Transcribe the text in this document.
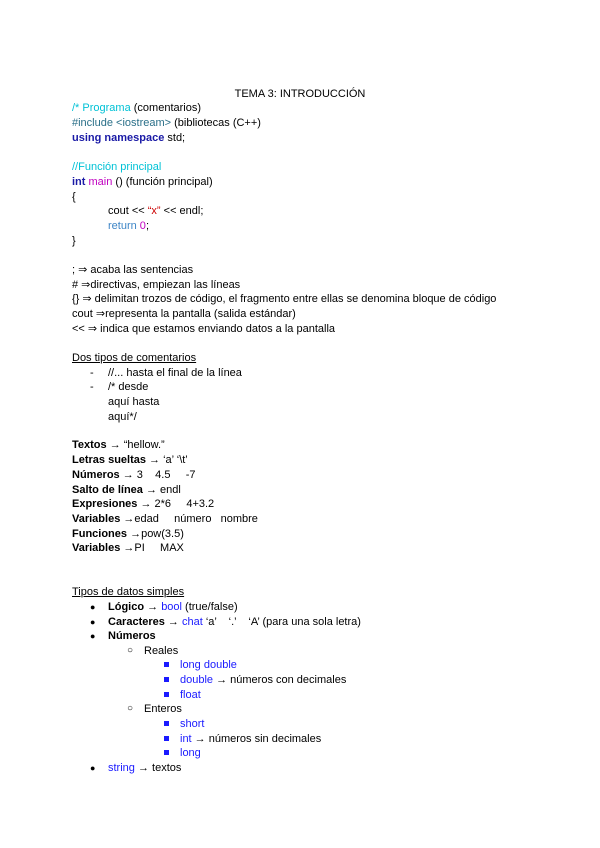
TEMA 3: INTRODUCCIÓN
/* Programa (comentarios)
#include <iostream> (bibliotecas (C++)
using namespace std;
//Función principal
int main () (función principal)
{
cout << “x” << endl;
return 0;
}
; ⇒ acaba las sentencias
# ⇒directivas, empiezan las líneas
{} ⇒ delimitan trozos de código, el fragmento entre ellas se denomina bloque de código
cout ⇒representa la pantalla (salida estándar)
<< ⇒ indica que estamos enviando datos a la pantalla
Dos tipos de comentarios
- //... hasta el final de la línea
- /* desde
aquí hasta
aquí*/
Textos → “hellow.”
Letras sueltas → ‘a’ ‘\t’
Números → 3    4.5     -7
Salto de línea → endl
Expresiones → 2*6     4+3.2
Variables →edad     número   nombre
Funciones →pow(3.5)
Variables →PI     MAX
Tipos de datos simples
● Lógico → bool (true/false)
● Caracteres → chat ‘a’    ‘.’    ‘A’ (para una sola letra)
● Números
○ Reales
long double
double → números con decimales
float
○ Enteros
short
int → números sin decimales
long
● string → textos
